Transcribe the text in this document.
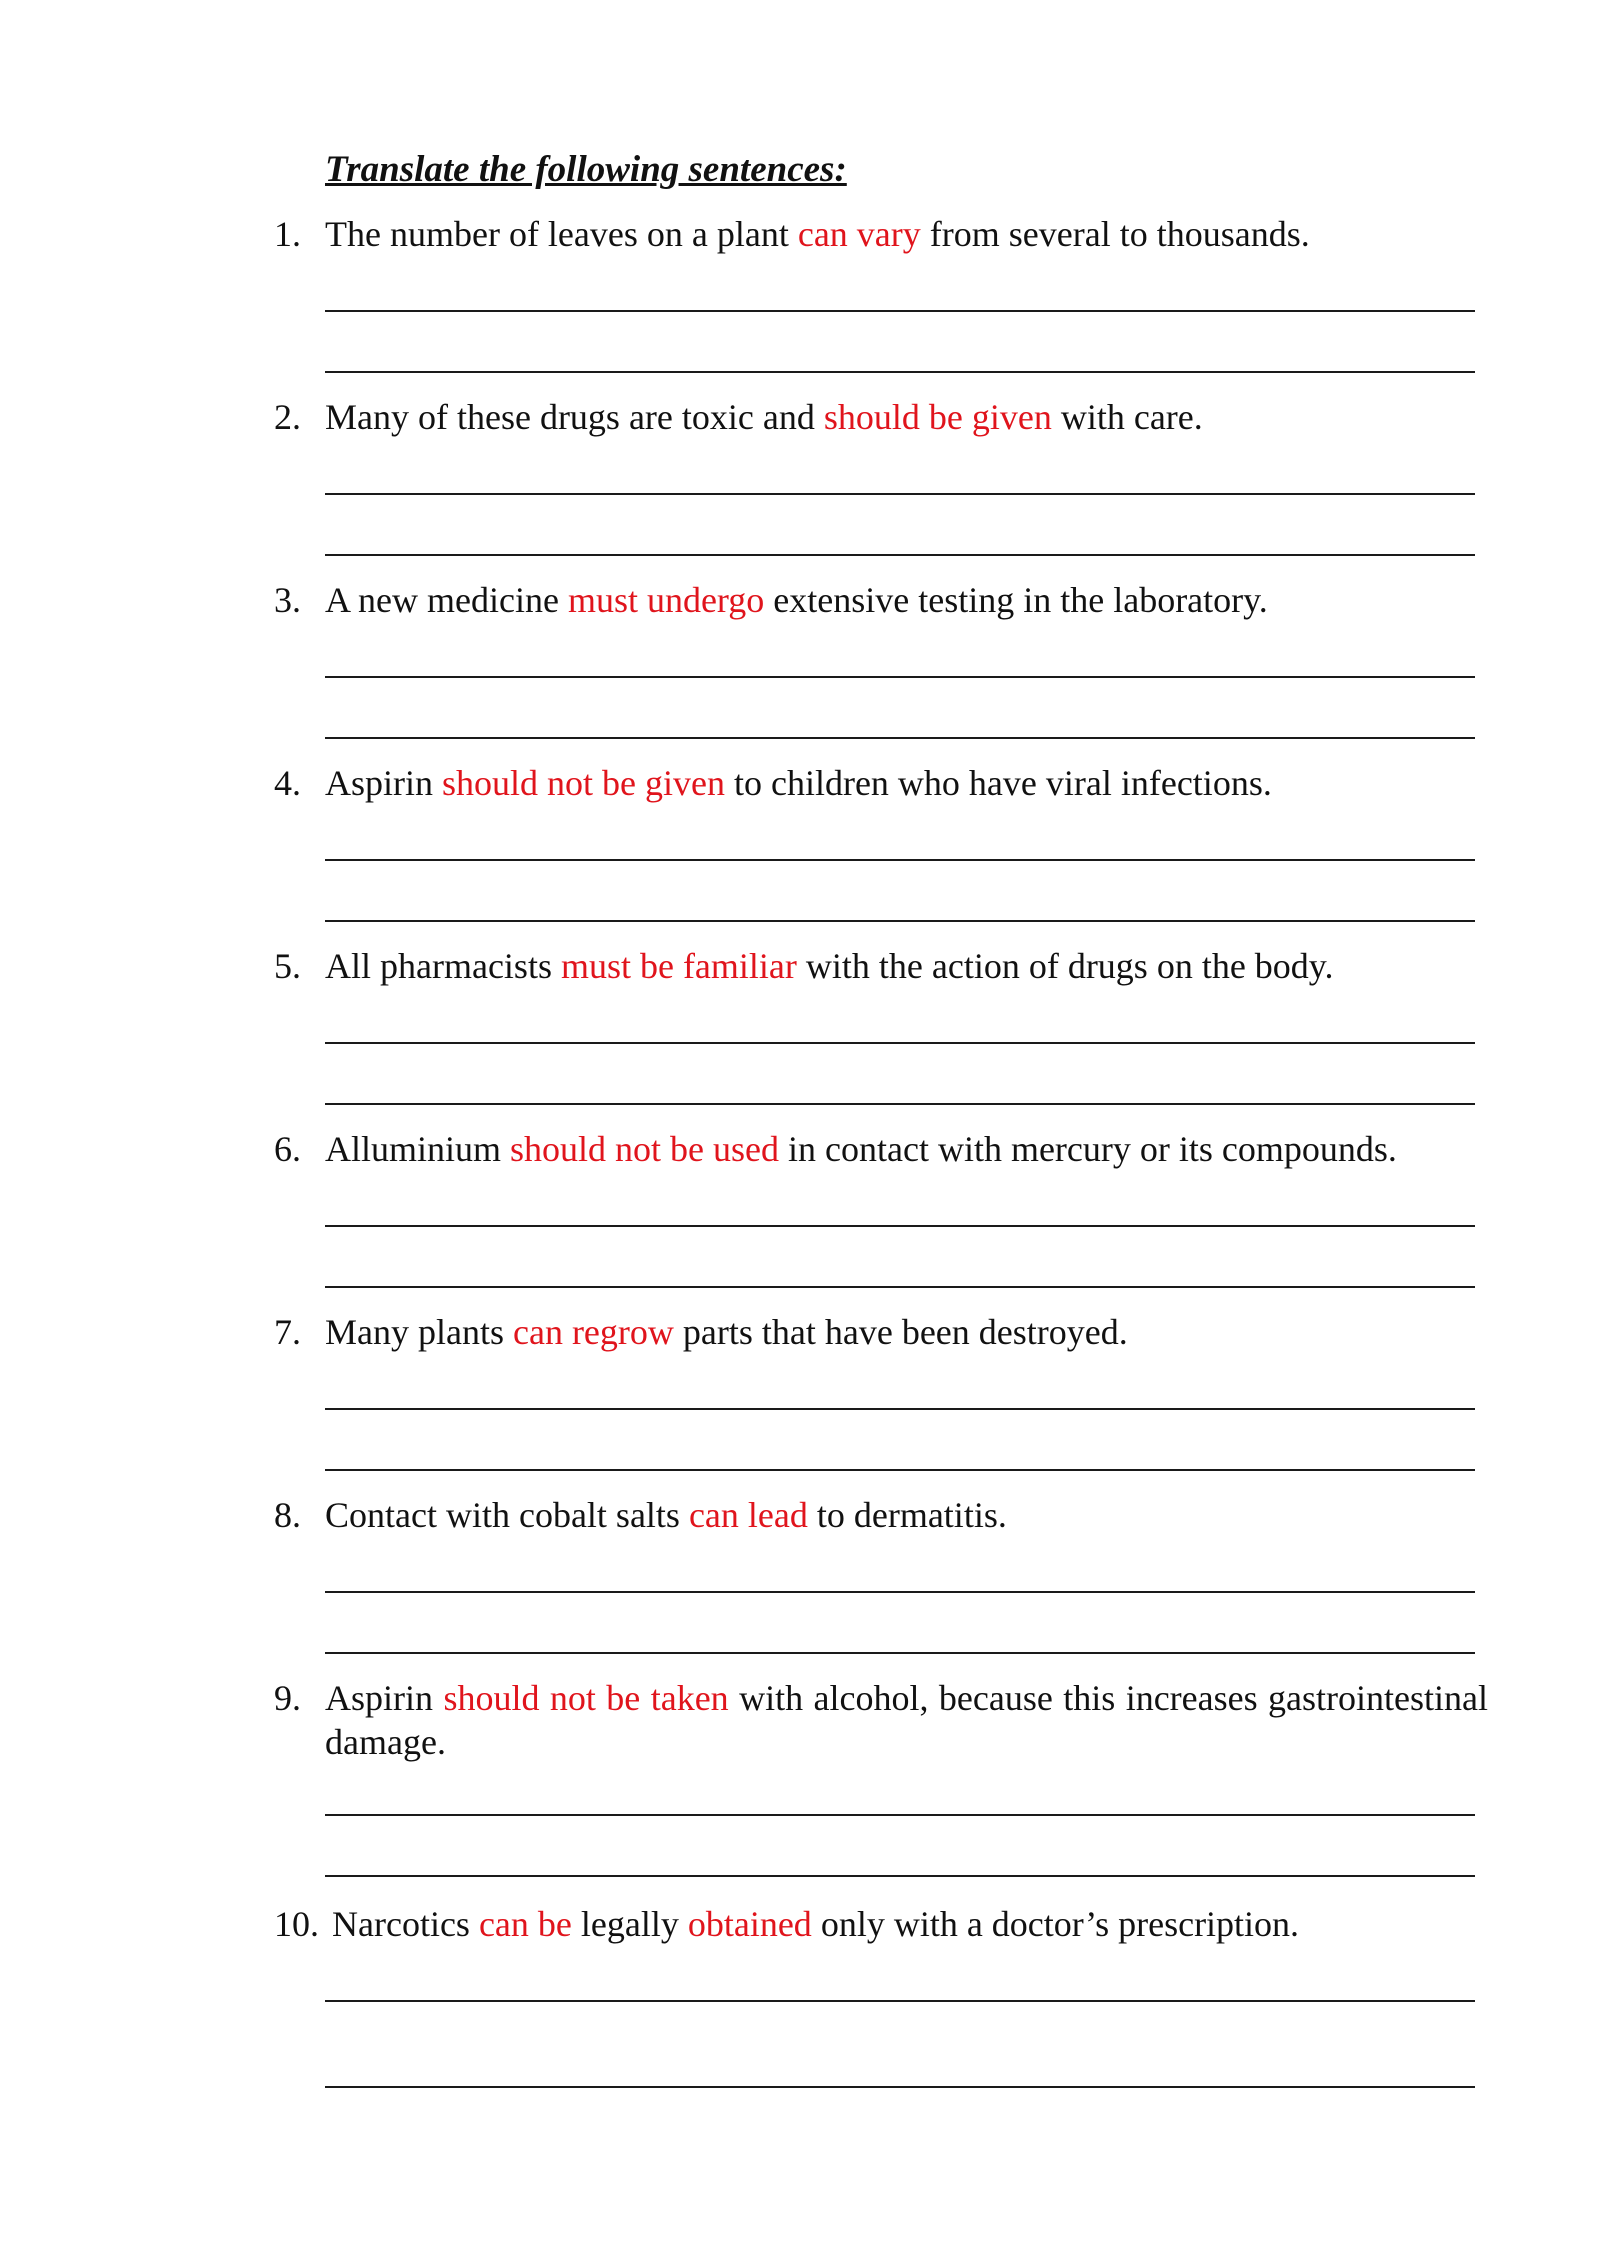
Translate the following sentences:
1. The number of leaves on a plant can vary from several to thousands.
2. Many of these drugs are toxic and should be given with care.
3. A new medicine must undergo extensive testing in the laboratory.
4. Aspirin should not be given to children who have viral infections.
5. All pharmacists must be familiar with the action of drugs on the body.
6. Alluminium should not be used in contact with mercury or its compounds.
7. Many plants can regrow parts that have been destroyed.
8. Contact with cobalt salts can lead to dermatitis.
9. Aspirin should not be taken with alcohol, because this increases gastrointestinal damage.
10. Narcotics can be legally obtained only with a doctor’s prescription.
